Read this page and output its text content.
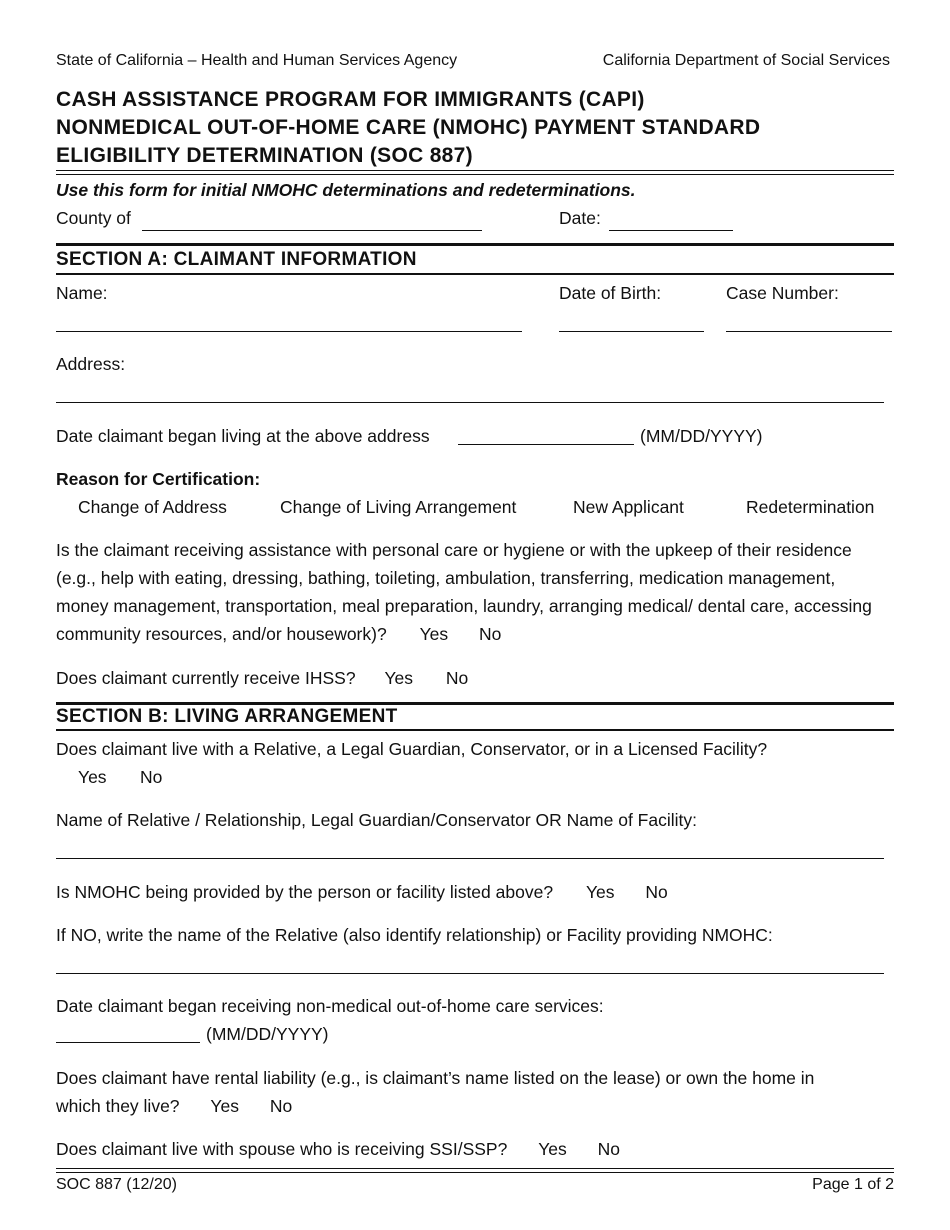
State of California – Health and Human Services Agency	California Department of Social Services
CASH ASSISTANCE PROGRAM FOR IMMIGRANTS (CAPI)
NONMEDICAL OUT-OF-HOME CARE (NMOHC) PAYMENT STANDARD
ELIGIBILITY DETERMINATION (SOC 887)
Use this form for initial NMOHC determinations and redeterminations.
County of	Date:
SECTION A: CLAIMANT INFORMATION
Name:	Date of Birth:	Case Number:
Address:
Date claimant began living at the above address	(MM/DD/YYYY)
Reason for Certification:
Change of Address	Change of Living Arrangement	New Applicant	Redetermination
Is the claimant receiving assistance with personal care or hygiene or with the upkeep of their residence (e.g., help with eating, dressing, bathing, toileting, ambulation, transferring, medication management, money management, transportation, meal preparation, laundry, arranging medical/ dental care, accessing community resources, and/or housework)? Yes No
Does claimant currently receive IHSS? Yes No
SECTION B: LIVING ARRANGEMENT
Does claimant live with a Relative, a Legal Guardian, Conservator, or in a Licensed Facility?
Yes No
Name of Relative / Relationship, Legal Guardian/Conservator OR Name of Facility:
Is NMOHC being provided by the person or facility listed above? Yes No
If NO, write the name of the Relative (also identify relationship) or Facility providing NMOHC:
Date claimant began receiving non-medical out-of-home care services:
(MM/DD/YYYY)
Does claimant have rental liability (e.g., is claimant’s name listed on the lease) or own the home in
which they live? Yes No
Does claimant live with spouse who is receiving SSI/SSP? Yes No
SOC 887 (12/20)	Page 1 of 2
